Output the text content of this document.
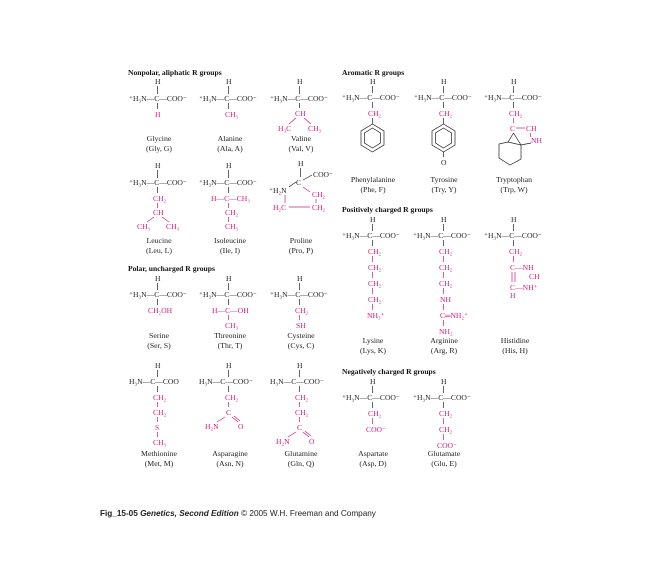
Nonpolar, aliphatic R groups	Aromatic R groups
Polar, uncharged R groups
Positively charged R groups
Negatively charged R groups
⁺H₃N—C—COO⁻
H
H
Glycine
(Gly, G)
⁺H₃N—C—COO⁻
H
CH₃
Alanine
(Ala, A)
⁺H₃N—C—COO⁻
H
CH
H₃C CH₃
Valine
(Val, V)
⁺H₃N—C—COO⁻
H
CH₂
CH
CH₃ CH₃
Leucine
(Leu, L)
⁺H₃N—C—COO⁻
H
H—C—CH₃
CH₂
CH₃
Isoleucine
(Ile, I)
H
C
COO⁻
⁺H₂N	CH₂
H₂C	CH₂
Proline
(Pro, P)
⁺H₃N—C—COO⁻
H
CH₂OH
Serine
(Ser, S)
⁺H₃N—C—COO⁻
H
H—C—OH
CH₃
Threonine
(Thr, T)
⁺H₃N—C—COO⁻
H
CH₂
SH
Cysteine
(Cys, C)
H₃N—C—COO
H
CH₂
CH₂
S
CH₃
Methionine
(Met, M)
H₃N—C—COO⁻
H
CH₂
C
H₂N	O
Asparagine
(Asn, N)
H₃N—C—COO⁻
H
CH₂
CH₂
C
H₂N	O
Glutamine
(Gln, Q)
⁺H₃N—C—COO⁻
H
CH₂
Phenylalanine
(Phe, F)
⁺H₃N—C—COO⁻
H
CH₂
O
Tyrosine
(Try, Y)
⁺H₃N—C—COO⁻
H
CH₂
C CH
NH
Tryptophan
(Trp, W)
⁺H₃N—C—COO⁻
H
CH₂
CH₂
CH₂
CH₂
NH₃⁺
Lysine
(Lys, K)
⁺H₃N—C—COO⁻
H
CH₂
CH₂
CH₂
NH
C═NH₂⁺
NH₂
Arginine
(Arg, R)
⁺H₃N—C—COO⁻
H
CH₂
C—NH
CH
C—NH⁺
H
Histidine
(His, H)
⁺H₃N—C—COO⁻
H
CH₂
COO⁻
Aspartate
(Asp, D)
⁺H₃N—C—COO⁻
H
CH₂
CH₂
COO⁻
Glutamate
(Glu, E)
Fig_15-05 Genetics, Second Edition © 2005 W.H. Freeman and Company
